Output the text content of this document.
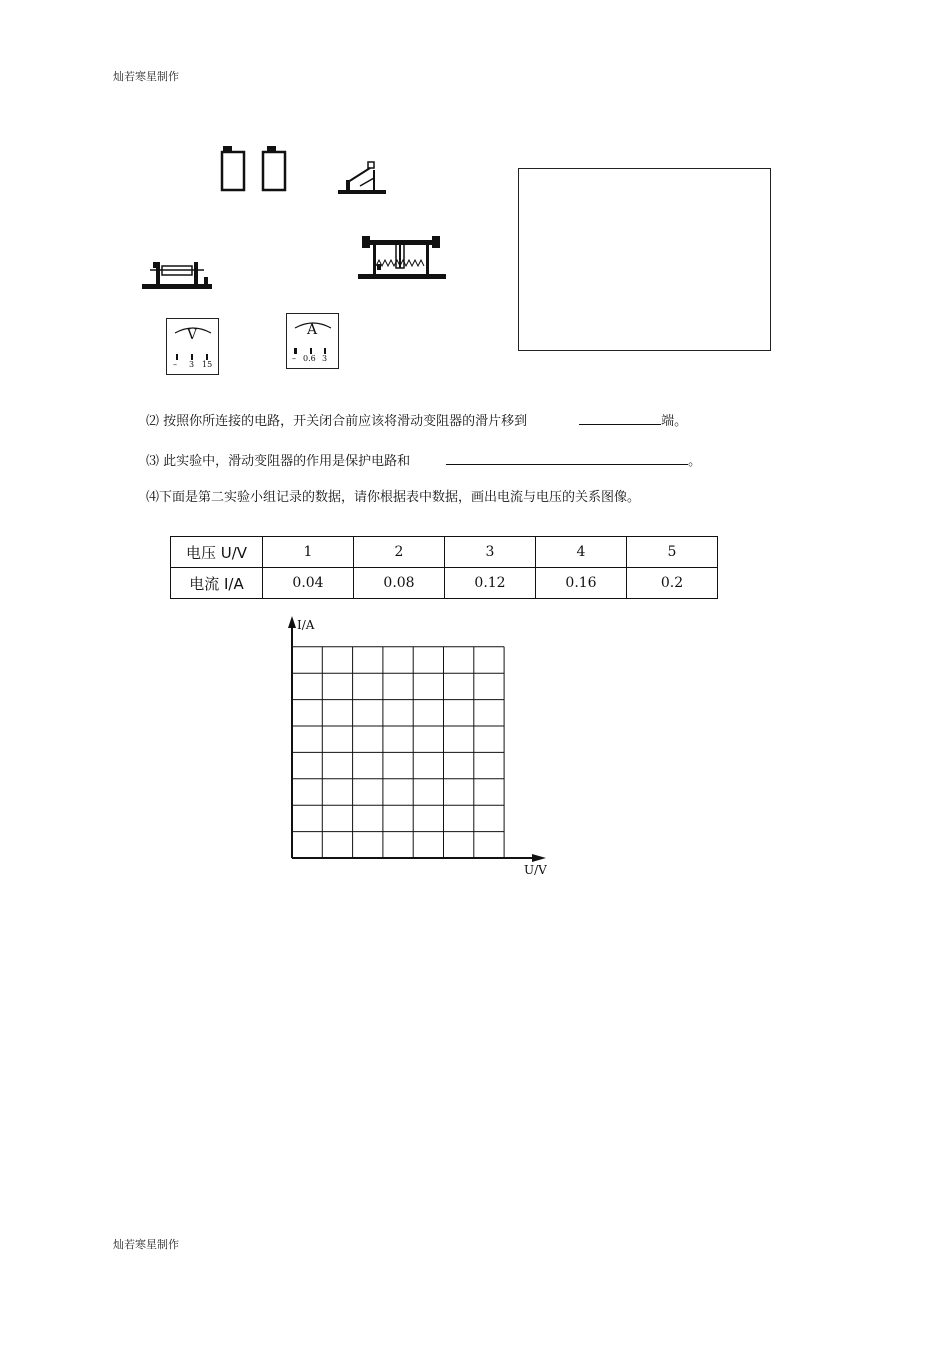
灿若寒星制作
V
– 3 15
A
– 0.6 3
⑵ 按照你所连接的电路，开关闭合前应该将滑动变阻器的滑片移到	端。
⑶ 此实验中，滑动变阻器的作用是保护电路和	。
⑷下面是第二实验小组记录的数据，请你根据表中数据，画出电流与电压的关系图像。
电压 U/V	1	2	3	4	5
电流 I/A	0.04	0.08	0.12	0.16	0.2
I/A
U/V
灿若寒星制作
